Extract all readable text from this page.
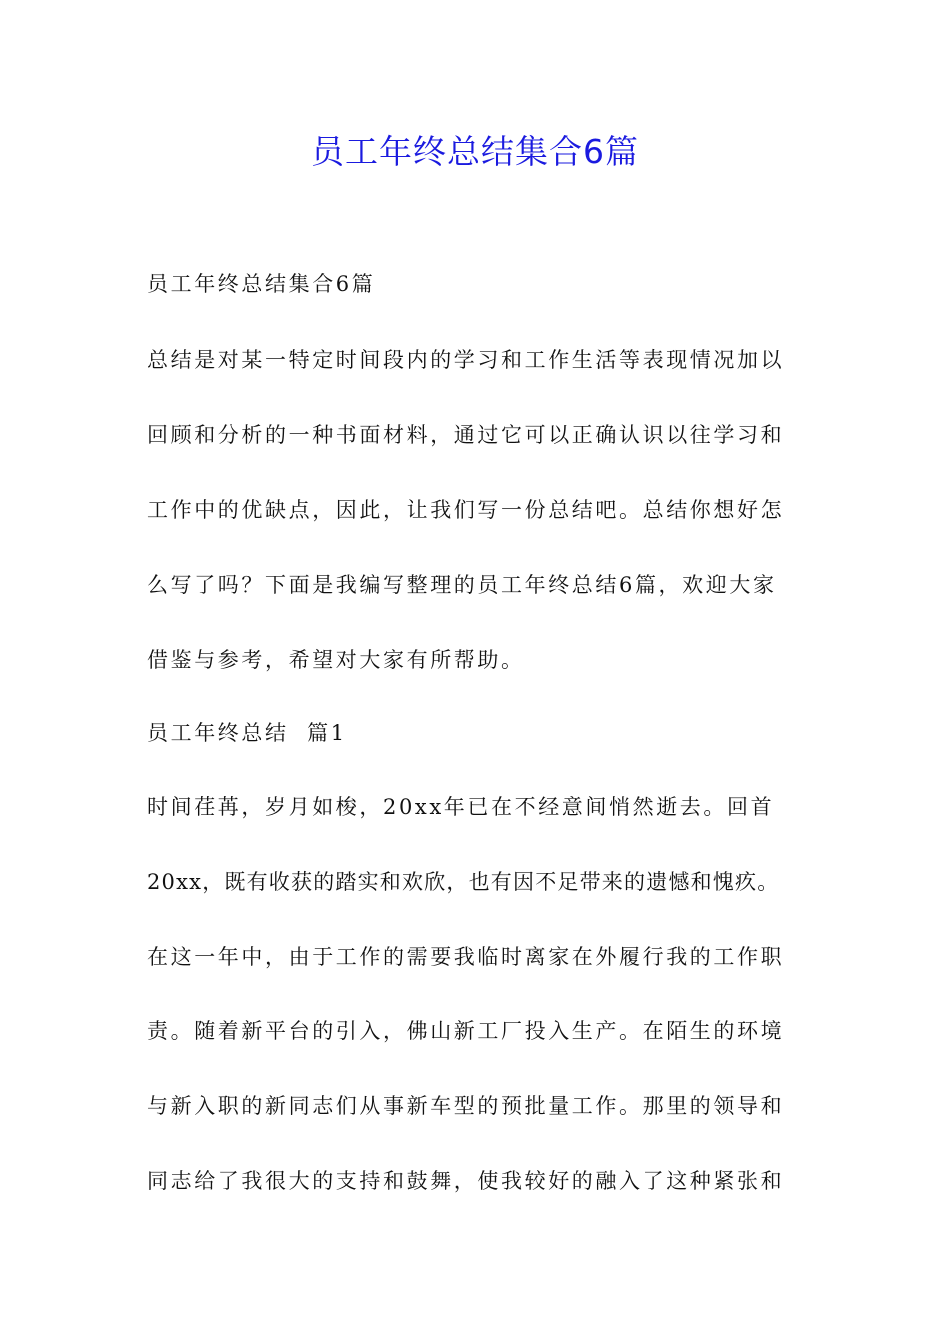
员工年终总结集合6篇
员工年终总结集合6篇
总结是对某一特定时间段内的学习和工作生活等表现情况加以
回顾和分析的一种书面材料，通过它可以正确认识以往学习和
工作中的优缺点，因此，让我们写一份总结吧。总结你想好怎
么写了吗？下面是我编写整理的员工年终总结6篇，欢迎大家
借鉴与参考，希望对大家有所帮助。
员工年终总结  篇1
时间荏苒，岁月如梭，20xx年已在不经意间悄然逝去。回首
20xx，既有收获的踏实和欢欣，也有因不足带来的遗憾和愧疚。
在这一年中，由于工作的需要我临时离家在外履行我的工作职
责。随着新平台的引入，佛山新工厂投入生产。在陌生的环境
与新入职的新同志们从事新车型的预批量工作。那里的领导和
同志给了我很大的支持和鼓舞，使我较好的融入了这种紧张和
